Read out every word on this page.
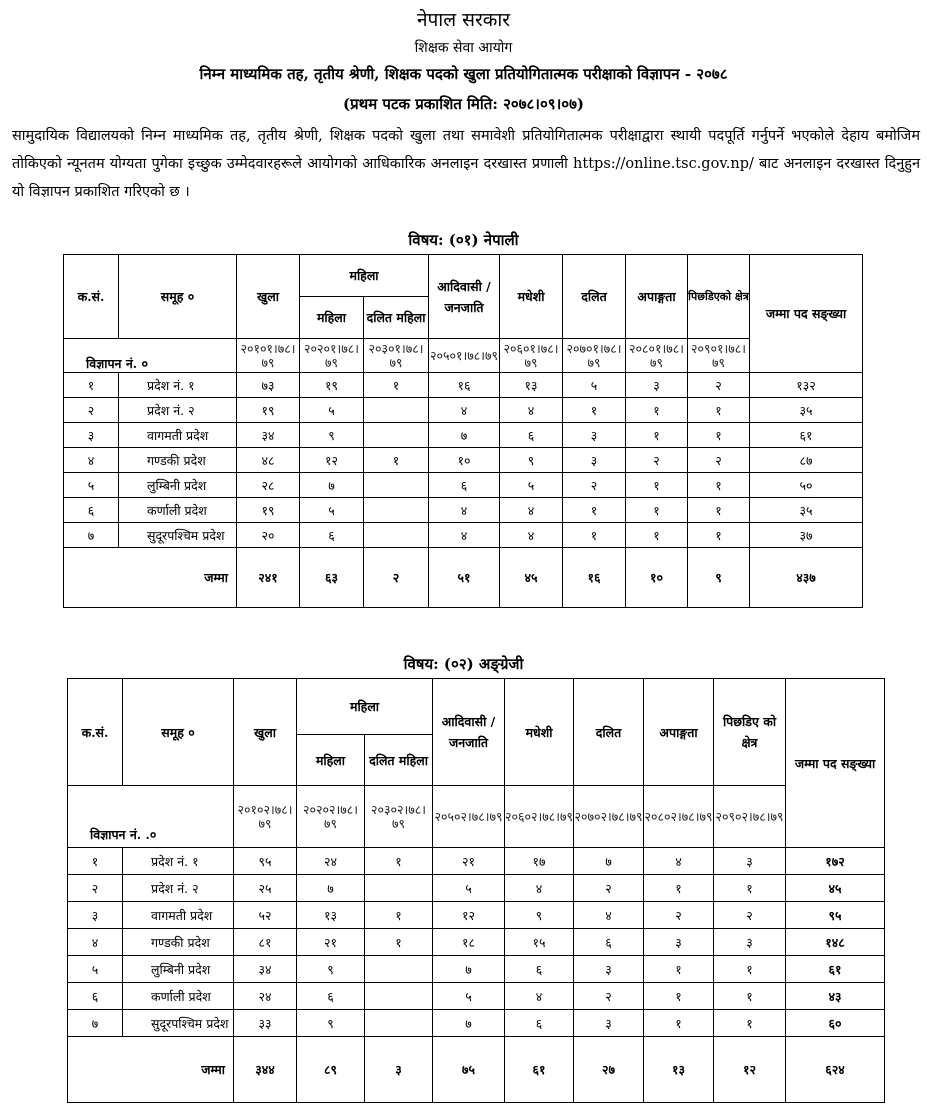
नेपाल सरकार
शिक्षक सेवा आयोग
निम्न माध्यमिक तह, तृतीय श्रेणी, शिक्षक पदको खुला प्रतियोगितात्मक परीक्षाको विज्ञापन - २०७८
(प्रथम पटक प्रकाशित मिति: २०७८।०९।०७)
सामुदायिक विद्यालयको निम्न माध्यमिक तह, तृतीय श्रेणी, शिक्षक पदको खुला तथा समावेशी प्रतियोगितात्मक परीक्षाद्वारा स्थायी पदपूर्ति गर्नुपर्ने भएकोले देहाय बमोजिम तोकिएको न्यूनतम योग्यता पुगेका इच्छुक उम्मेदवारहरूले आयोगको आधिकारिक अनलाइन दरखास्त प्रणाली https://online.tsc.gov.np/ बाट अनलाइन दरखास्त दिनुहुन यो विज्ञापन प्रकाशित गरिएको छ ।
विषय: (०१) नेपाली
क.सं.	समूह ०	खुला	महिला		आदिवासी / जनजाति	मधेशी	दलित	अपाङ्गता	पिछडिएको क्षेत्र	जम्मा पद सङ्ख्या
			महिला	दलित महिला						
विज्ञापन नं. ०		२०१०१।७८।७९	२०२०१।७८।७९	२०३०१।७८।७९	२०५०१।७८।७९	२०६०१।७८।७९	२०७०१।७८।७९	२०८०१।७८।७९	२०९०१।७८।७९	
१	प्रदेश नं. १	७३	१९	१	१६	१३	५	३	२	१३२
२	प्रदेश नं. २	१९	५		४	४	१	१	१	३५
३	वागमती प्रदेश	३४	९		७	६	३	१	१	६१
४	गण्डकी प्रदेश	४८	१२	१	१०	९	३	२	२	८७
५	लुम्बिनी प्रदेश	२८	७		६	५	२	१	१	५०
६	कर्णाली प्रदेश	१९	५		४	४	१	१	१	३५
७	सुदूरपश्चिम प्रदेश	२०	६		४	४	१	१	१	३७
जम्मा		२४१	६३	२	५१	४५	१६	१०	९	४३७
विषय: (०२) अङ्ग्रेजी
क.सं.	समूह ०	खुला	महिला		आदिवासी / जनजाति	मधेशी	दलित	अपाङ्गता	पिछडिए को क्षेत्र	जम्मा पद सङ्ख्या
			महिला	दलित महिला						
विज्ञापन नं. .०		२०१०२।७८।७९	२०२०२।७८।७९	२०३०२।७८।७९	२०५०२।७८।७९	२०६०२।७८।७९	२०७०२।७८।७९	२०८०२।७८।७९	२०९०२।७८।७९	
१	प्रदेश नं. १	९५	२४	१	२१	१७	७	४	३	१७२
२	प्रदेश नं. २	२५	७		५	४	२	१	१	४५
३	वागमती प्रदेश	५२	१३	१	१२	९	४	२	२	९५
४	गण्डकी प्रदेश	८१	२१	१	१८	१५	६	३	३	१४८
५	लुम्बिनी प्रदेश	३४	९		७	६	३	१	१	६१
६	कर्णाली प्रदेश	२४	६		५	४	२	१	१	४३
७	सुदूरपश्चिम प्रदेश	३३	९		७	६	३	१	१	६०
जम्मा		३४४	८९	३	७५	६१	२७	१३	१२	६२४
